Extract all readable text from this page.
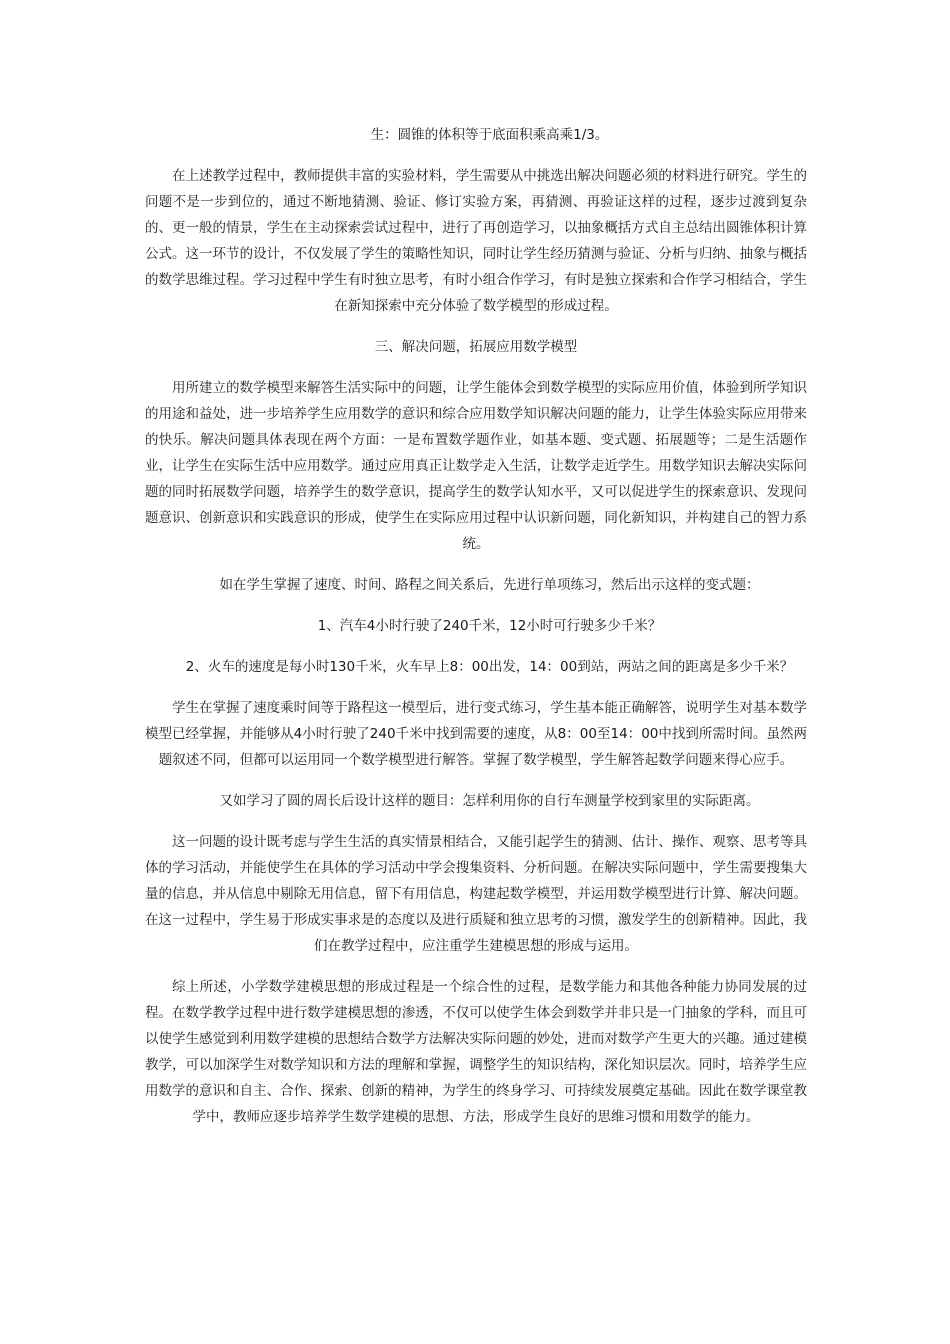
生：圆锥的体积等于底面积乘高乘1/3。

在上述教学过程中，教师提供丰富的实验材料，学生需要从中挑选出解决问题必须的材料进行研究。学生的问题不是一步到位的，通过不断地猜测、验证、修订实验方案，再猜测、再验证这样的过程，逐步过渡到复杂的、更一般的情景，学生在主动探索尝试过程中，进行了再创造学习，以抽象概括方式自主总结出圆锥体积计算公式。这一环节的设计，不仅发展了学生的策略性知识，同时让学生经历猜测与验证、分析与归纳、抽象与概括的数学思维过程。学习过程中学生有时独立思考，有时小组合作学习，有时是独立探索和合作学习相结合，学生在新知探索中充分体验了数学模型的形成过程。

三、解决问题，拓展应用数学模型

用所建立的数学模型来解答生活实际中的问题，让学生能体会到数学模型的实际应用价值，体验到所学知识的用途和益处，进一步培养学生应用数学的意识和综合应用数学知识解决问题的能力，让学生体验实际应用带来的快乐。解决问题具体表现在两个方面：一是布置数学题作业，如基本题、变式题、拓展题等；二是生活题作业，让学生在实际生活中应用数学。通过应用真正让数学走入生活，让数学走近学生。用数学知识去解决实际问题的同时拓展数学问题，培养学生的数学意识，提高学生的数学认知水平，又可以促进学生的探索意识、发现问题意识、创新意识和实践意识的形成，使学生在实际应用过程中认识新问题，同化新知识，并构建自己的智力系统。

如在学生掌握了速度、时间、路程之间关系后，先进行单项练习，然后出示这样的变式题：

1、汽车4小时行驶了240千米，12小时可行驶多少千米？

2、火车的速度是每小时130千米，火车早上8：00出发，14：00到站，两站之间的距离是多少千米？

学生在掌握了速度乘时间等于路程这一模型后，进行变式练习，学生基本能正确解答，说明学生对基本数学模型已经掌握，并能够从4小时行驶了240千米中找到需要的速度，从8：00至14：00中找到所需时间。虽然两题叙述不同，但都可以运用同一个数学模型进行解答。掌握了数学模型，学生解答起数学问题来得心应手。

又如学习了圆的周长后设计这样的题目：怎样利用你的自行车测量学校到家里的实际距离。

这一问题的设计既考虑与学生生活的真实情景相结合，又能引起学生的猜测、估计、操作、观察、思考等具体的学习活动，并能使学生在具体的学习活动中学会搜集资料、分析问题。在解决实际问题中，学生需要搜集大量的信息，并从信息中剔除无用信息，留下有用信息，构建起数学模型，并运用数学模型进行计算、解决问题。在这一过程中，学生易于形成实事求是的态度以及进行质疑和独立思考的习惯，激发学生的创新精神。因此，我们在教学过程中，应注重学生建模思想的形成与运用。

综上所述，小学数学建模思想的形成过程是一个综合性的过程，是数学能力和其他各种能力协同发展的过程。在数学教学过程中进行数学建模思想的渗透，不仅可以使学生体会到数学并非只是一门抽象的学科，而且可以使学生感觉到利用数学建模的思想结合数学方法解决实际问题的妙处，进而对数学产生更大的兴趣。通过建模教学，可以加深学生对数学知识和方法的理解和掌握，调整学生的知识结构，深化知识层次。同时，培养学生应用数学的意识和自主、合作、探索、创新的精神，为学生的终身学习、可持续发展奠定基础。因此在数学课堂教学中，教师应逐步培养学生数学建模的思想、方法，形成学生良好的思维习惯和用数学的能力。
